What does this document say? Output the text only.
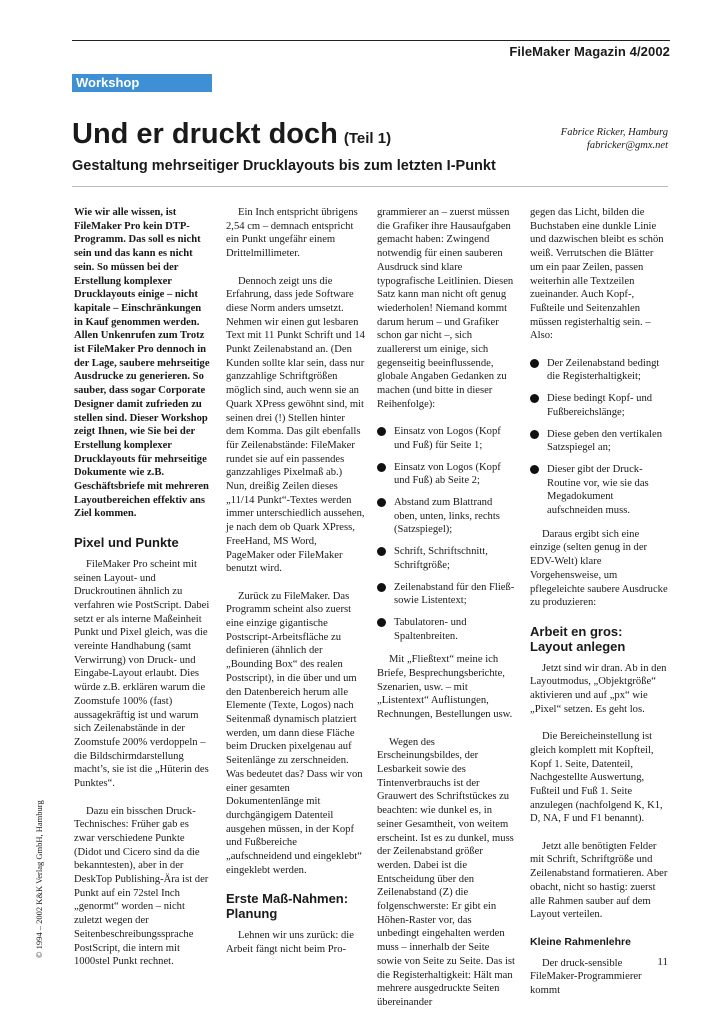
FileMaker Magazin 4/2002
Workshop
Und er druckt doch (Teil 1)	Fabrice Ricker, Hamburg
fabricker@gmx.net
Gestaltung mehrseitiger Drucklayouts bis zum letzten I-Punkt

Wie wir alle wissen, ist FileMaker Pro kein DTP-Programm. Das soll es nicht sein und das kann es nicht sein. So müssen bei der Erstellung komplexer Drucklayouts einige – nicht kapitale – Einschränkungen in Kauf genommen werden. Allen Unkenrufen zum Trotz ist FileMaker Pro dennoch in der Lage, saubere mehrseitige Ausdrucke zu generieren. So sauber, dass sogar Corporate Designer damit zufrieden zu stellen sind. Dieser Workshop zeigt Ihnen, wie Sie bei der Erstellung komplexer Drucklayouts für mehrseitige Dokumente wie z.B. Geschäftsbriefe mit mehreren Layoutbereichen effektiv ans Ziel kommen.

Pixel und Punkte

FileMaker Pro scheint mit seinen Layout- und Druckroutinen ähnlich zu verfahren wie PostScript. Dabei setzt er als interne Maßeinheit Punkt und Pixel gleich, was die vereinte Handhabung (samt Verwirrung) von Druck- und Eingabe-Layout erlaubt. Dies würde z.B. erklären warum die Zoomstufe 100% (fast) aussagekräftig ist und warum sich Zeilenabstände in der Zoomstufe 200% verdoppeln – die Bildschirmdarstellung macht’s, sie ist die „Hüterin des Punktes“.

Dazu ein bisschen Druck-Technisches: Früher gab es zwar verschiedene Punkte (Didot und Cicero sind da die bekanntesten), aber in der DeskTop Publishing-Ära ist der Punkt auf ein 72stel Inch „genormt“ worden – nicht zuletzt wegen der Seitenbeschreibungssprache PostScript, die intern mit 1000stel Punkt rechnet.

Ein Inch entspricht übrigens 2,54 cm – demnach entspricht ein Punkt ungefähr einem Drittelmillimeter.

Dennoch zeigt uns die Erfahrung, dass jede Software diese Norm anders umsetzt. Nehmen wir einen gut lesbaren Text mit 11 Punkt Schrift und 14 Punkt Zeilenabstand an. (Den Kunden sollte klar sein, dass nur ganzzahlige Schriftgrößen möglich sind, auch wenn sie an Quark XPress gewöhnt sind, mit seinen drei (!) Stellen hinter dem Komma. Das gilt ebenfalls für Zeilenabstände: FileMaker rundet sie auf ein passendes ganzzahliges Pixelmaß ab.) Nun, dreißig Zeilen dieses „11/14 Punkt“-Textes werden immer unterschiedlich aussehen, je nach dem ob Quark XPress, FreeHand, MS Word, PageMaker oder FileMaker benutzt wird.

Zurück zu FileMaker. Das Programm scheint also zuerst eine einzige gigantische Postscript-Arbeitsfläche zu definieren (ähnlich der „Bounding Box“ des realen Postscript), in die über und um den Datenbereich herum alle Elemente (Texte, Logos) nach Seitenmaß dynamisch platziert werden, um dann diese Fläche beim Drucken pixelgenau auf Seitenlänge zu zerschneiden. Was bedeutet das? Dass wir von einer gesamten Dokumentenlänge mit durchgängigem Datenteil ausgehen müssen, in der Kopf und Fußbereiche „aufschneidend und eingeklebt“ eingeklebt werden.

Erste Maß-Nahmen: Planung

Lehnen wir uns zurück: die Arbeit fängt nicht beim Pro-

grammierer an – zuerst müssen die Grafiker ihre Hausaufgaben gemacht haben: Zwingend notwendig für einen sauberen Ausdruck sind klare typografische Leitlinien. Diesen Satz kann man nicht oft genug wiederholen! Niemand kommt darum herum – und Grafiker schon gar nicht –, sich zuallererst um einige, sich gegenseitig beeinflussende, globale Angaben Gedanken zu machen (und bitte in dieser Reihenfolge):

Einsatz von Logos (Kopf und Fuß) für Seite 1;
Einsatz von Logos (Kopf und Fuß) ab Seite 2;
Abstand zum Blattrand oben, unten, links, rechts (Satzspiegel);
Schrift, Schriftschnitt, Schriftgröße;
Zeilenabstand für den Fließ- sowie Listentext;
Tabulatoren- und Spaltenbreiten.

Mit „Fließtext“ meine ich Briefe, Besprechungsberichte, Szenarien, usw. – mit „Listentext“ Auflistungen, Rechnungen, Bestellungen usw.

Wegen des Erscheinungsbildes, der Lesbarkeit sowie des Tintenverbrauchs ist der Grauwert des Schriftstückes zu beachten: wie dunkel es, in seiner Gesamtheit, von weitem erscheint. Ist es zu dunkel, muss der Zeilenabstand größer werden. Dabei ist die Entscheidung über den Zeilenabstand (Z) die folgenschwerste: Er gibt ein Höhen-Raster vor, das unbedingt eingehalten werden muss – innerhalb der Seite sowie von Seite zu Seite. Das ist die Registerhaltigkeit: Hält man mehrere ausgedruckte Seiten übereinander

gegen das Licht, bilden die Buchstaben eine dunkle Linie und dazwischen bleibt es schön weiß. Verrutschen die Blätter um ein paar Zeilen, passen weiterhin alle Textzeilen zueinander. Auch Kopf-, Fußteile und Seitenzahlen müssen registerhaltig sein. – Also:

Der Zeilenabstand bedingt die Registerhaltigkeit;
Diese bedingt Kopf- und Fußbereichslänge;
Diese geben den vertikalen Satzspiegel an;
Dieser gibt der Druck-Routine vor, wie sie das Megadokument aufschneiden muss.

Daraus ergibt sich eine einzige (selten genug in der EDV-Welt) klare Vorgehensweise, um pflegeleichte saubere Ausdrucke zu produzieren:

Arbeit en gros: Layout anlegen

Jetzt sind wir dran. Ab in den Layoutmodus, „Objektgröße“ aktivieren und auf „px“ wie „Pixel“ setzen. Es geht los.

Die Bereicheinstellung ist gleich komplett mit Kopfteil, Kopf 1. Seite, Datenteil, Nachgestellte Auswertung, Fußteil und Fuß 1. Seite anzulegen (nachfolgend K, K1, D, NA, F und F1 benannt).

Jetzt alle benötigten Felder mit Schrift, Schriftgröße und Zeilenabstand formatieren. Aber obacht, nicht so hastig: zuerst alle Rahmen sauber auf dem Layout verteilen.

Kleine Rahmenlehre

Der druck-sensible FileMaker-Programmierer kommt

© 1994 – 2002 K&K Verlag GmbH, Hamburg
11
